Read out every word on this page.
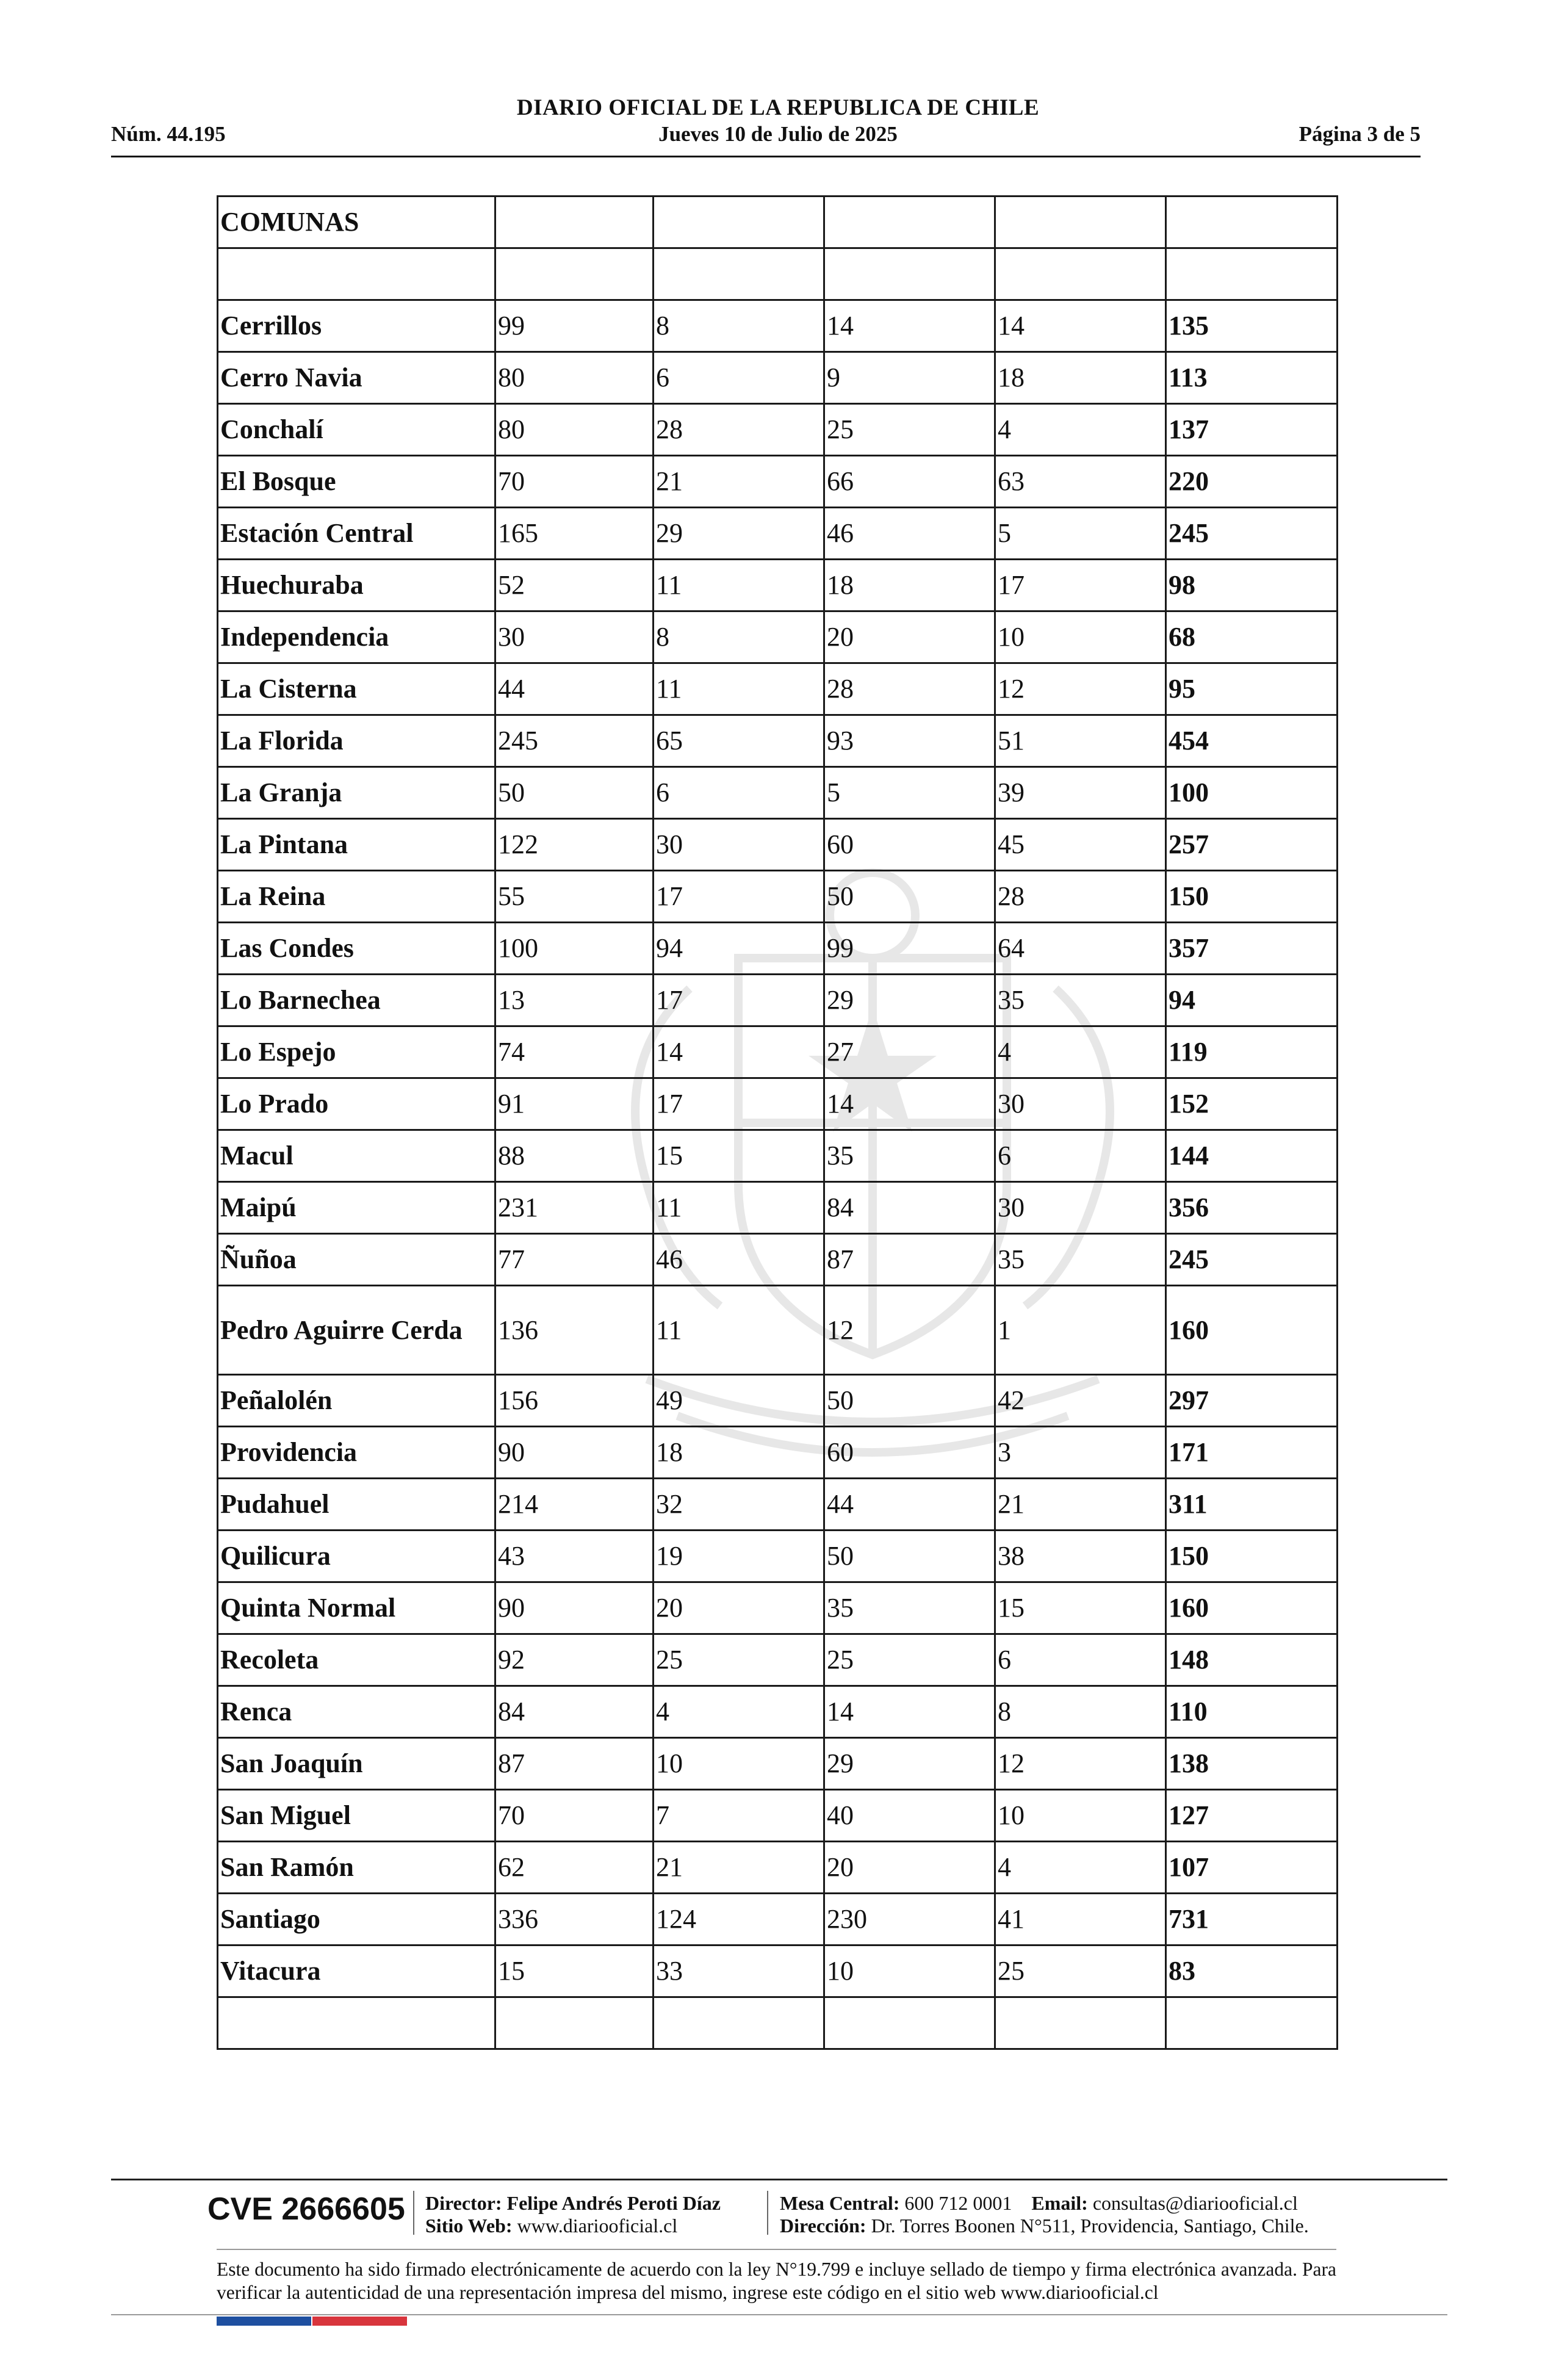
DIARIO OFICIAL DE LA REPUBLICA DE CHILE
Núm. 44.195	Jueves 10 de Julio de 2025	Página 3 de 5
COMUNAS					

Cerrillos	99	8	14	14	135
Cerro Navia	80	6	9	18	113
Conchalí	80	28	25	4	137
El Bosque	70	21	66	63	220
Estación Central	165	29	46	5	245
Huechuraba	52	11	18	17	98
Independencia	30	8	20	10	68
La Cisterna	44	11	28	12	95
La Florida	245	65	93	51	454
La Granja	50	6	5	39	100
La Pintana	122	30	60	45	257
La Reina	55	17	50	28	150
Las Condes	100	94	99	64	357
Lo Barnechea	13	17	29	35	94
Lo Espejo	74	14	27	4	119
Lo Prado	91	17	14	30	152
Macul	88	15	35	6	144
Maipú	231	11	84	30	356
Ñuñoa	77	46	87	35	245
Pedro Aguirre Cerda	136	11	12	1	160
Peñalolén	156	49	50	42	297
Providencia	90	18	60	3	171
Pudahuel	214	32	44	21	311
Quilicura	43	19	50	38	150
Quinta Normal	90	20	35	15	160
Recoleta	92	25	25	6	148
Renca	84	4	14	8	110
San Joaquín	87	10	29	12	138
San Miguel	70	7	40	10	127
San Ramón	62	21	20	4	107
Santiago	336	124	230	41	731
Vitacura	15	33	10	25	83

CVE 2666605 Director: Felipe Andrés Peroti Díaz
Sitio Web: www.diariooficial.cl
Mesa Central: 600 712 0001 Email: consultas@diariooficial.cl
Dirección: Dr. Torres Boonen N°511, Providencia, Santiago, Chile.
Este documento ha sido firmado electrónicamente de acuerdo con la ley N°19.799 e incluye sellado de tiempo y firma electrónica avanzada. Para verificar la autenticidad de una representación impresa del mismo, ingrese este código en el sitio web www.diariooficial.cl
